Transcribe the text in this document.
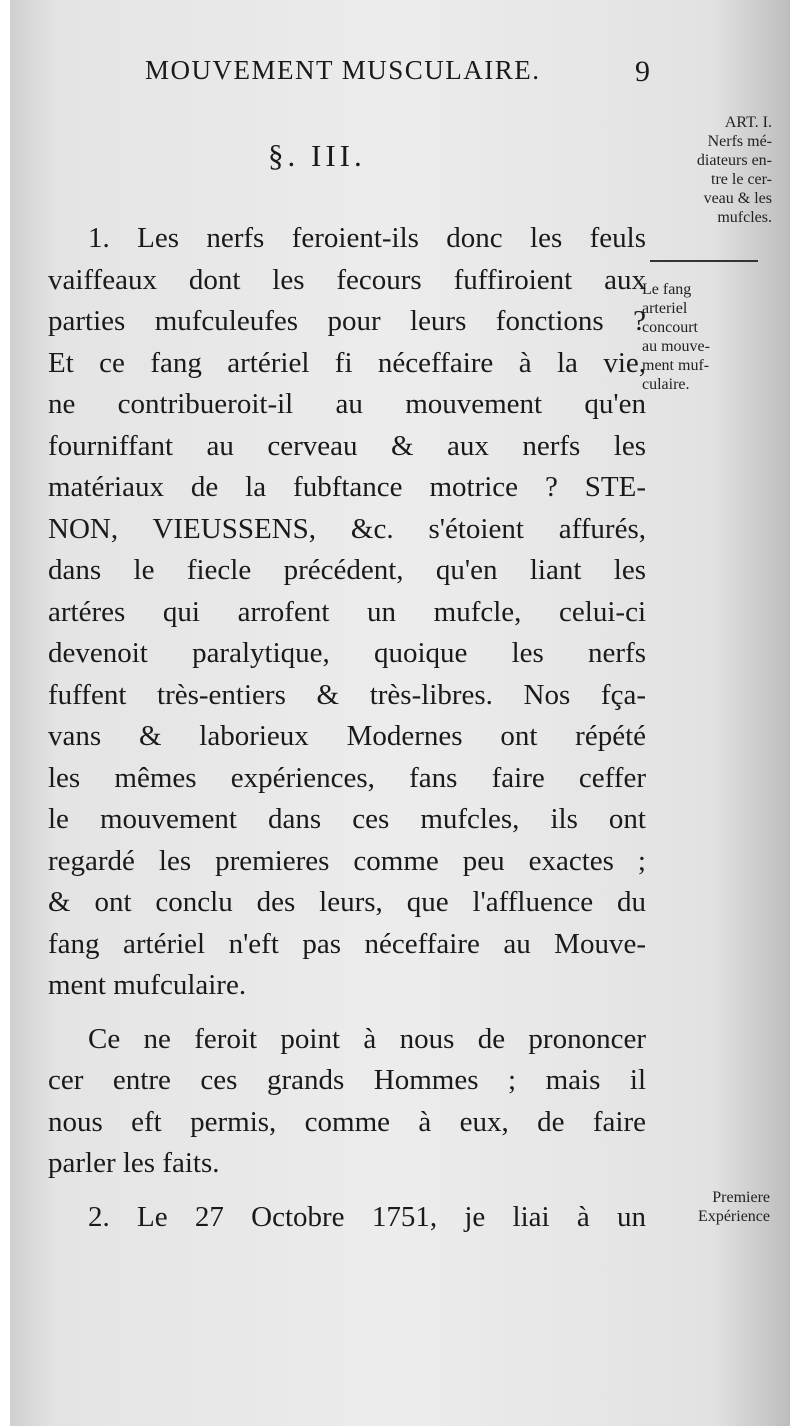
MOUVEMENT MUSCULAIRE.	9
§. III.
ART. I.
Nerfs mé-
diateurs en-
tre le cer-
veau & les
mufcles.
Le fang
arteriel
concourt
au mouve-
ment muf-
culaire.
Premiere
Expérience
1. Les nerfs feroient-ils donc les feuls
vaiffeaux dont les fecours fuffiroient aux
parties mufculeufes pour leurs fonctions ?
Et ce fang artériel fi néceffaire à la vie,
ne contribueroit-il au mouvement qu'en
fourniffant au cerveau & aux nerfs les
matériaux de la fubftance motrice ? STE-
NON, VIEUSSENS, &c. s'étoient affurés,
dans le fiecle précédent, qu'en liant les
artéres qui arrofent un mufcle, celui-ci
devenoit paralytique, quoique les nerfs
fuffent très-entiers & très-libres. Nos fça-
vans & laborieux Modernes ont répété
les mêmes expériences, fans faire ceffer
le mouvement dans ces mufcles, ils ont
regardé les premieres comme peu exactes ;
& ont conclu des leurs, que l'affluence du
fang artériel n'eft pas néceffaire au Mouve-
ment mufculaire.
Ce ne feroit point à nous de prononcer
cer entre ces grands Hommes ; mais il
nous eft permis, comme à eux, de faire
parler les faits.
2. Le 27 Octobre 1751, je liai à un
